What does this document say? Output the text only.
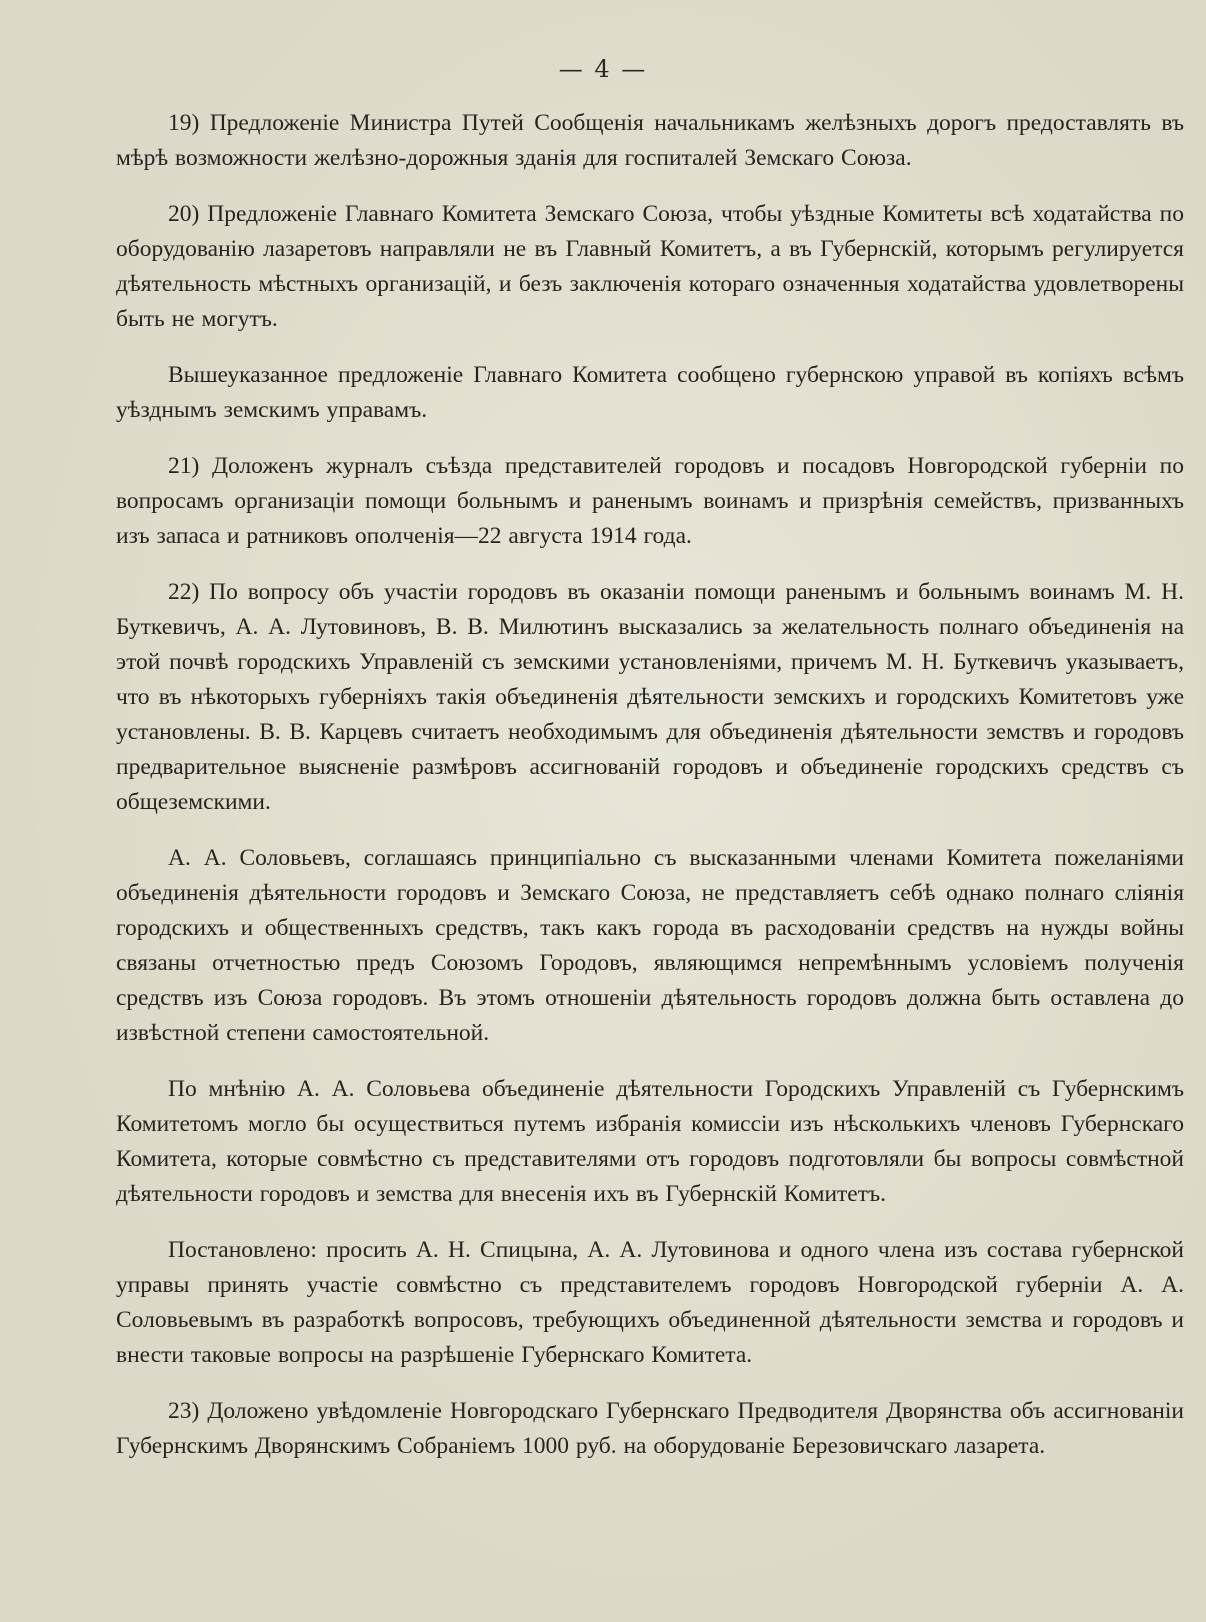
— 4 —

19) Предложеніе Министра Путей Сообщенія начальникамъ желѣзныхъ дорогъ предоставлять въ мѣрѣ возможности желѣзно-дорожныя зданія для госпиталей Земскаго Союза.

20) Предложеніе Главнаго Комитета Земскаго Союза, чтобы уѣздные Комитеты всѣ ходатайства по оборудованію лазаретовъ направляли не въ Главный Комитетъ, а въ Губернскій, которымъ регулируется дѣятельность мѣстныхъ организацій, и безъ заключенія котораго означенныя ходатайства удовлетворены быть не могутъ.

Вышеуказанное предложеніе Главнаго Комитета сообщено губернскою управой въ копіяхъ всѣмъ уѣзднымъ земскимъ управамъ.

21) Доложенъ журналъ съѣзда представителей городовъ и посадовъ Новгородской губерніи по вопросамъ организаціи помощи больнымъ и раненымъ воинамъ и призрѣнія семействъ, призванныхъ изъ запаса и ратниковъ ополченія—22 августа 1914 года.

22) По вопросу объ участіи городовъ въ оказаніи помощи раненымъ и больнымъ воинамъ М. Н. Буткевичъ, А. А. Лутовиновъ, В. В. Милютинъ высказались за желательность полнаго объединенія на этой почвѣ городскихъ Управленій съ земскими установленіями, причемъ М. Н. Буткевичъ указываетъ, что въ нѣкоторыхъ губерніяхъ такія объединенія дѣятельности земскихъ и городскихъ Комитетовъ уже установлены. В. В. Карцевъ считаетъ необходимымъ для объединенія дѣятельности земствъ и городовъ предварительное выясненіе размѣровъ ассигнованій городовъ и объединеніе городскихъ средствъ съ общеземскими.

А. А. Соловьевъ, соглашаясь принципіально съ высказанными членами Комитета пожеланіями объединенія дѣятельности городовъ и Земскаго Союза, не представляетъ себѣ однако полнаго слiянiя городскихъ и общественныхъ средствъ, такъ какъ города въ расходованіи средствъ на нужды войны связаны отчетностью предъ Союзомъ Городовъ, являющимся непремѣннымъ условіемъ полученія средствъ изъ Союза городовъ. Въ этомъ отношеніи дѣятельность городовъ должна быть оставлена до извѣстной степени самостоятельной.

По мнѣнію А. А. Соловьева объединеніе дѣятельности Городскихъ Управленій съ Губернскимъ Комитетомъ могло бы осуществиться путемъ избранія комиссіи изъ нѣсколькихъ членовъ Губернскаго Комитета, которые совмѣстно съ представителями отъ городовъ подготовляли бы вопросы совмѣстной дѣятельности городовъ и земства для внесенія ихъ въ Губернскій Комитетъ.

Постановлено: просить А. Н. Спицына, А. А. Лутовинова и одного члена изъ состава губернской управы принять участіе совмѣстно съ представителемъ городовъ Новгородской губерніи А. А. Соловьевымъ въ разработкѣ вопросовъ, требующихъ объединенной дѣятельности земства и городовъ и внести таковые вопросы на разрѣшеніе Губернскаго Комитета.

23) Доложено увѣдомленіе Новгородскаго Губернскаго Предводителя Дворянства объ ассигнованіи Губернскимъ Дворянскимъ Собраніемъ 1000 руб. на оборудованіе Березовичскаго лазарета.
